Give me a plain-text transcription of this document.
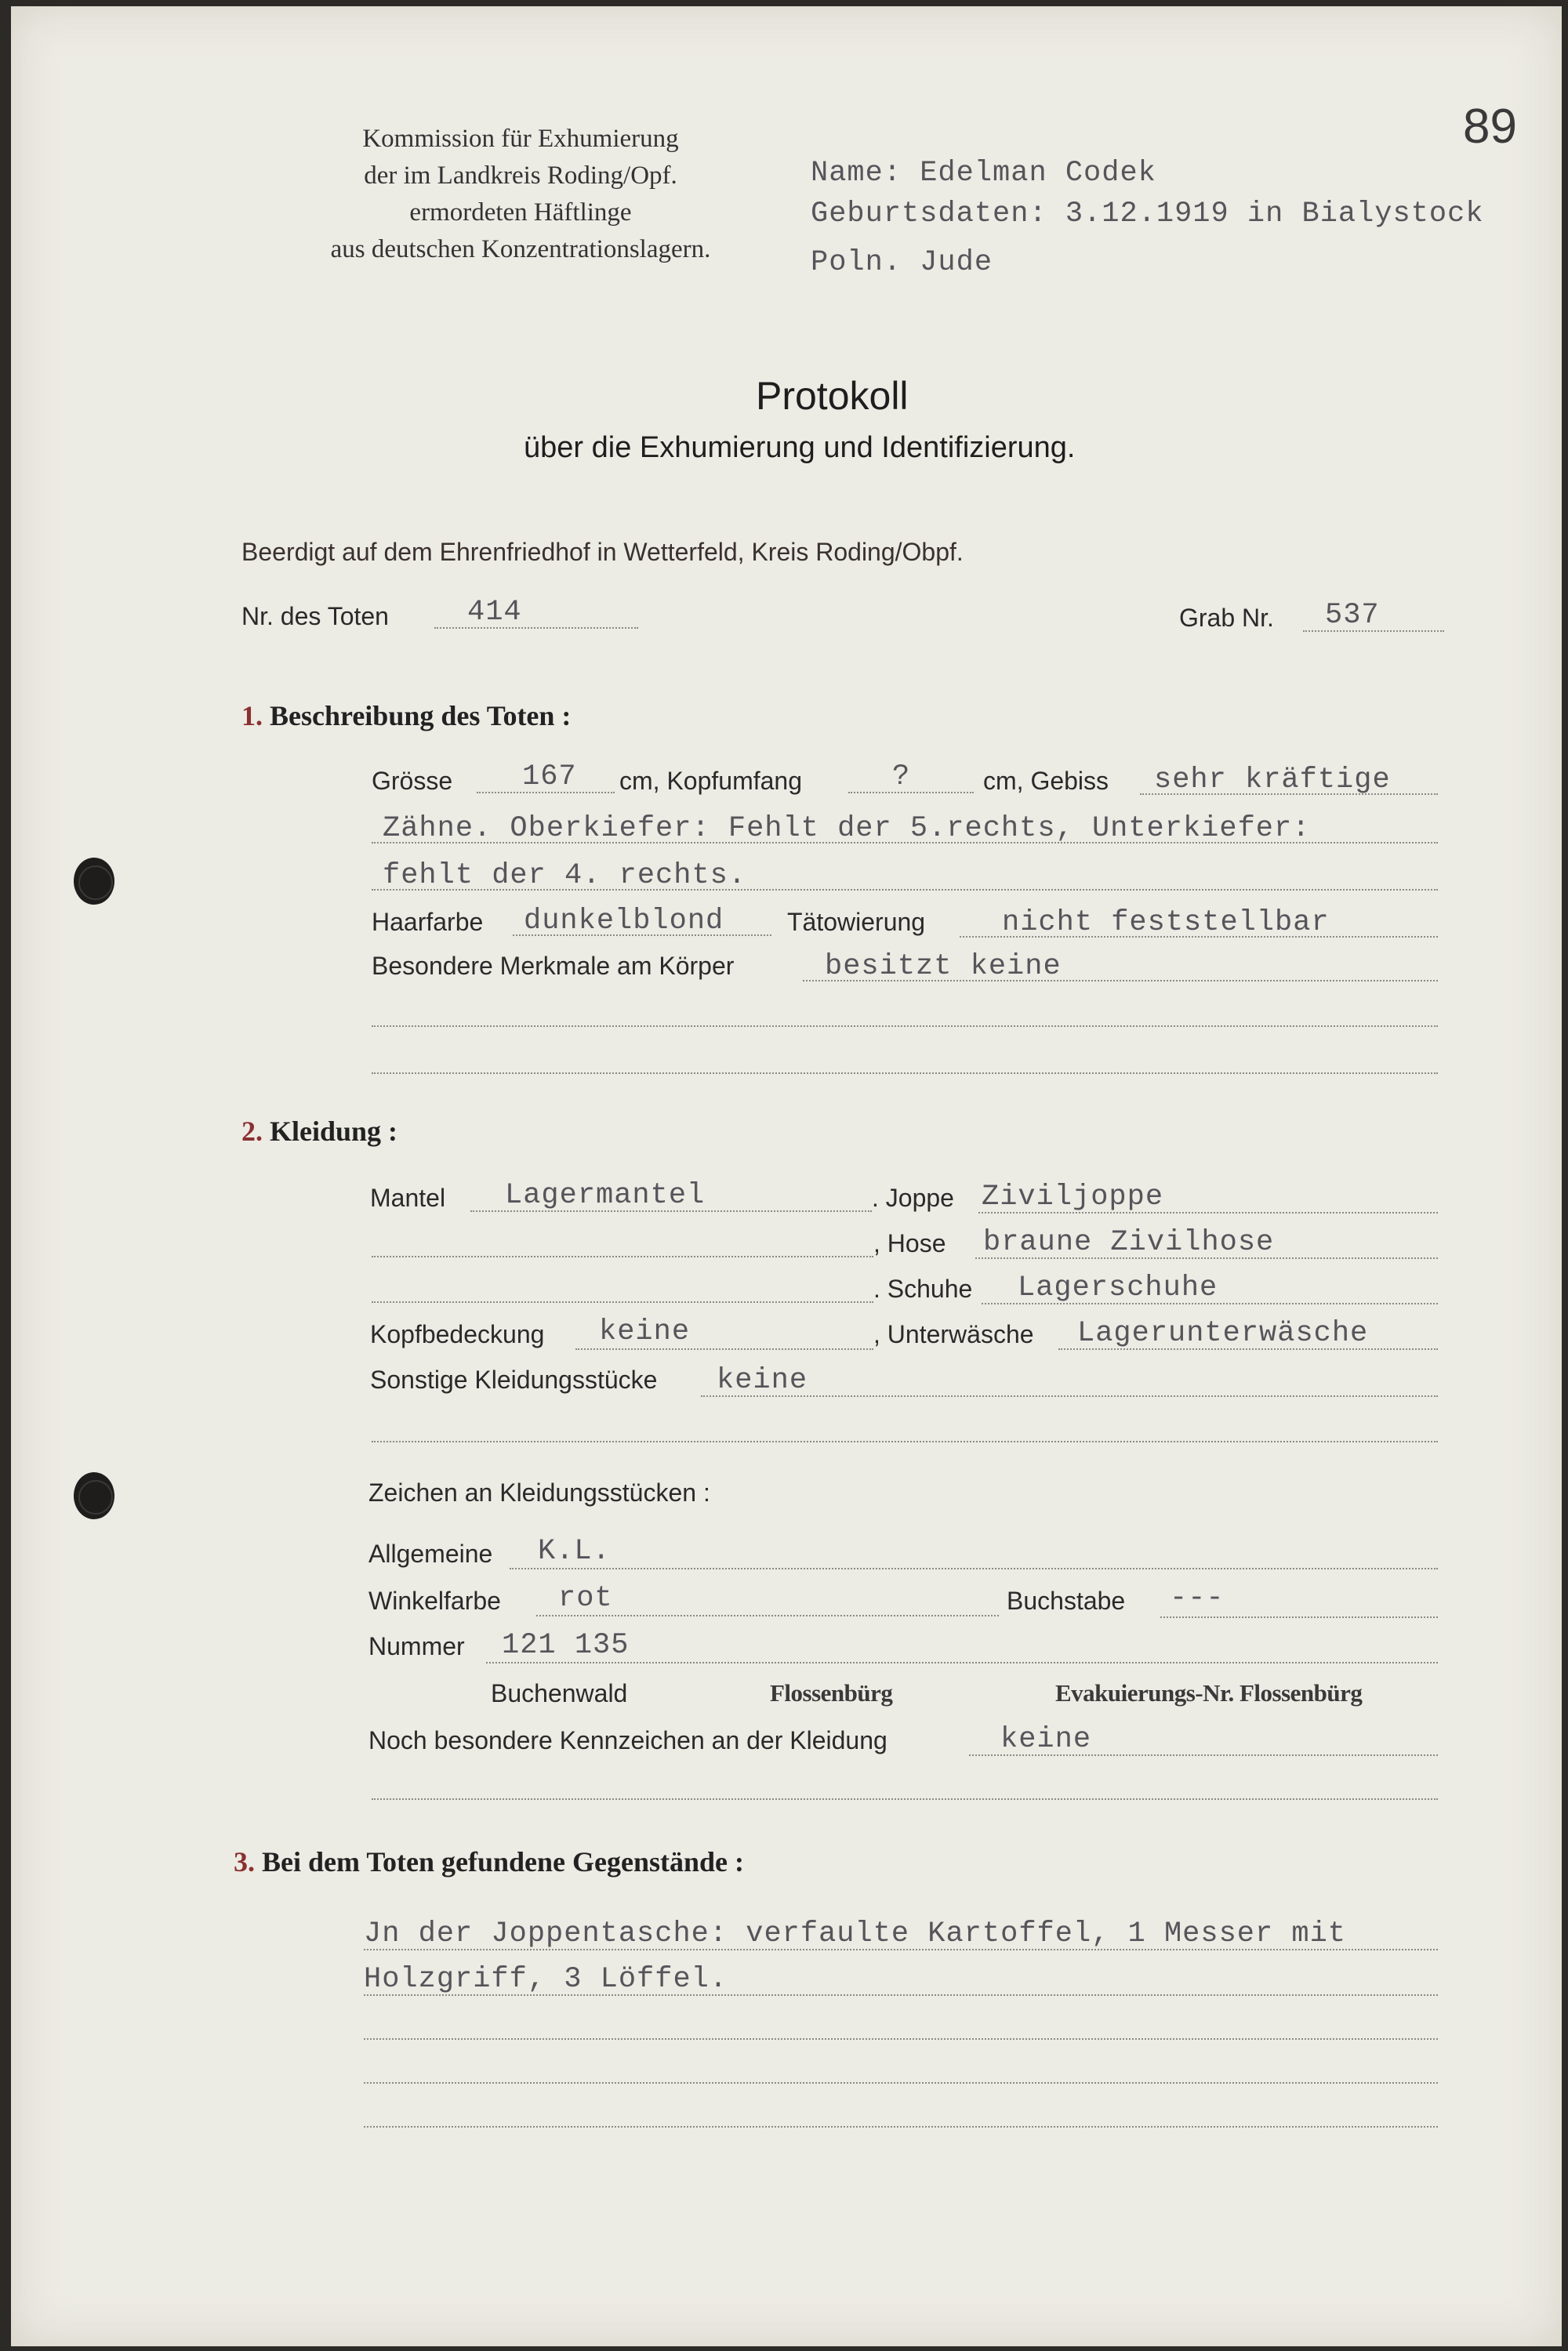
89
Kommission für Exhumierung
der im Landkreis Roding/Opf.
ermordeten Häftlinge
aus deutschen Konzentrationslagern.
Name: Edelman Codek
Geburtsdaten: 3.12.1919 in Bialystock
Poln. Jude
Protokoll
über die Exhumierung und Identifizierung.
Beerdigt auf dem Ehrenfriedhof in Wetterfeld, Kreis Roding/Obpf.
Nr. des Toten	414	Grab Nr. 537
1. Beschreibung des Toten :
Grösse 167 cm, Kopfumfang	?	cm, Gebiss sehr kräftige
Zähne. Oberkiefer: Fehlt der 5.rechts, Unterkiefer:
fehlt der 4. rechts.
Haarfarbe dunkelblond	Tätowierung	nicht feststellbar
Besondere Merkmale am Körper	besitzt keine
2. Kleidung :
Mantel Lagermantel	. Joppe Ziviljoppe
, Hose braune Zivilhose
. Schuhe Lagerschuhe
Kopfbedeckung keine	, Unterwäsche Lagerunterwäsche
Sonstige Kleidungsstücke keine
Zeichen an Kleidungsstücken :
Allgemeine K.L.
Winkelfarbe rot	Buchstabe ---
Nummer 121 135
Buchenwald	Flossenbürg	Evakuierungs-Nr. Flossenbürg
Noch besondere Kennzeichen an der Kleidung	keine
3. Bei dem Toten gefundene Gegenstände :
Jn der Joppentasche: verfaulte Kartoffel, 1 Messer mit
Holzgriff, 3 Löffel.
